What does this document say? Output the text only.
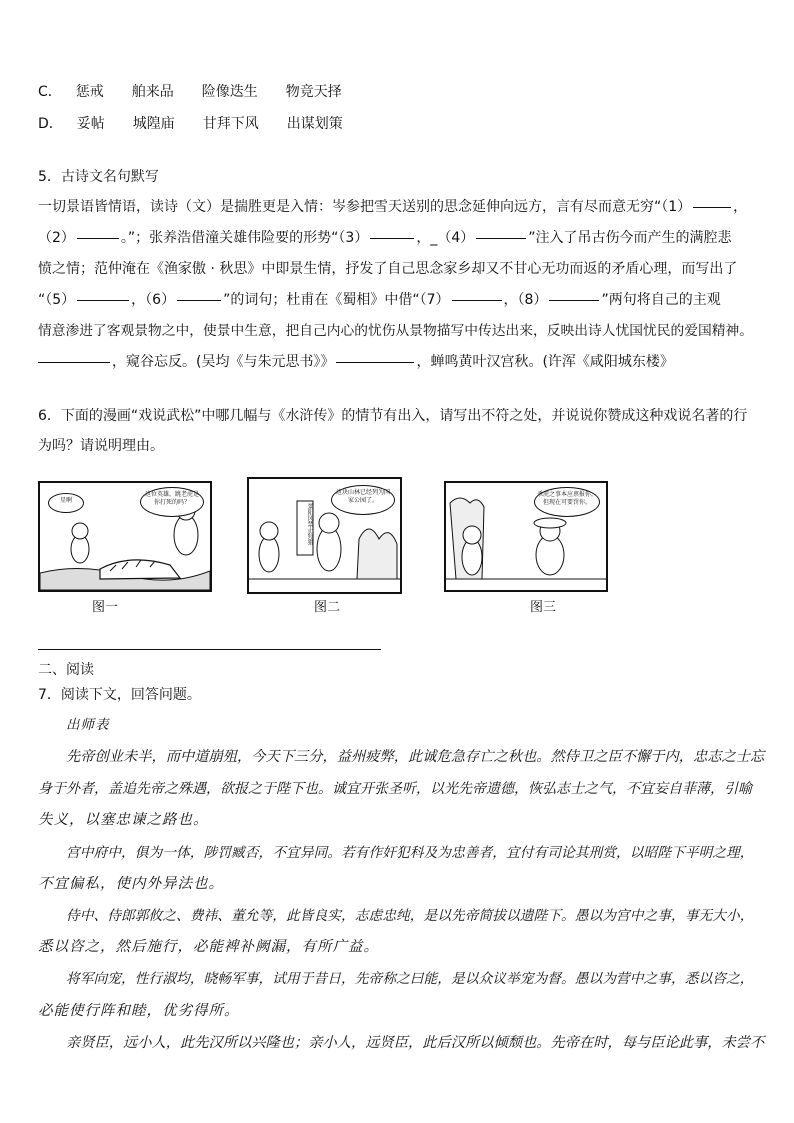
C． 惩戒 舶来品 险像迭生 物竞天择
D． 妥帖 城隍庙 甘拜下风 出谋划策
5．古诗文名句默写
一切景语皆情语，读诗（文）是揣胜更是入情：岑参把雪天送别的思念延伸向远方，言有尽而意无穷“（1）	，
（2）	。”；张养浩借潼关雄伟险要的形势“（3）	，_（4）	”注入了吊古伤今而产生的满腔悲
愤之情；范仲淹在《渔家傲 · 秋思》中即景生情，抒发了自己思念家乡却又不甘心无功而返的矛盾心理，而写出了
“（5）	，（6）	”的词句；杜甫在《蜀相》中借“（7）	，（8）	”两句将自己的主观
情意渗进了客观景物之中，使景中生意，把自己内心的忧伤从景物描写中传达出来，反映出诗人忧国忧民的爱国精神。
，窥谷忘反。(吴均《与朱元思书》》	，蝉鸣黄叶汉宫秋。(许浑《咸阳城东楼》
6．下面的漫画“戏说武松”中哪几幅与《水浒传》的情节有出入，请写出不符之处，并说说你赞成这种戏说名著的行
为吗？请说明理由。
星啊
这位英雄，跳老虎是你打死的吗？
图一
景阳冈禁止狩猎
这块山林已经列为国家公园了。
图二
杀虎之事本应禀报你，但现在可要罚你。
图三
二、阅读
7．阅读下文，回答问题。
出师表
先帝创业未半，而中道崩殂，今天下三分，益州疲弊，此诚危急存亡之秋也。然侍卫之臣不懈于内，忠志之士忘
身于外者，盖追先帝之殊遇，欲报之于陛下也。诚宜开张圣听，以光先帝遗德，恢弘志士之气，不宜妄自菲薄，引喻
失义，以塞忠谏之路也。
宫中府中，俱为一体，陟罚臧否，不宜异同。若有作奸犯科及为忠善者，宜付有司论其刑赏，以昭陛下平明之理，
不宜偏私，使内外异法也。
侍中、侍郎郭攸之、费祎、董允等，此皆良实，志虑忠纯，是以先帝简拔以遗陛下。愚以为宫中之事，事无大小，
悉以咨之，然后施行，必能裨补阙漏，有所广益。
将军向宠，性行淑均，晓畅军事，试用于昔日，先帝称之曰能，是以众议举宠为督。愚以为营中之事，悉以咨之，
必能使行阵和睦，优劣得所。
亲贤臣，远小人，此先汉所以兴隆也；亲小人，远贤臣，此后汉所以倾颓也。先帝在时，每与臣论此事，未尝不
